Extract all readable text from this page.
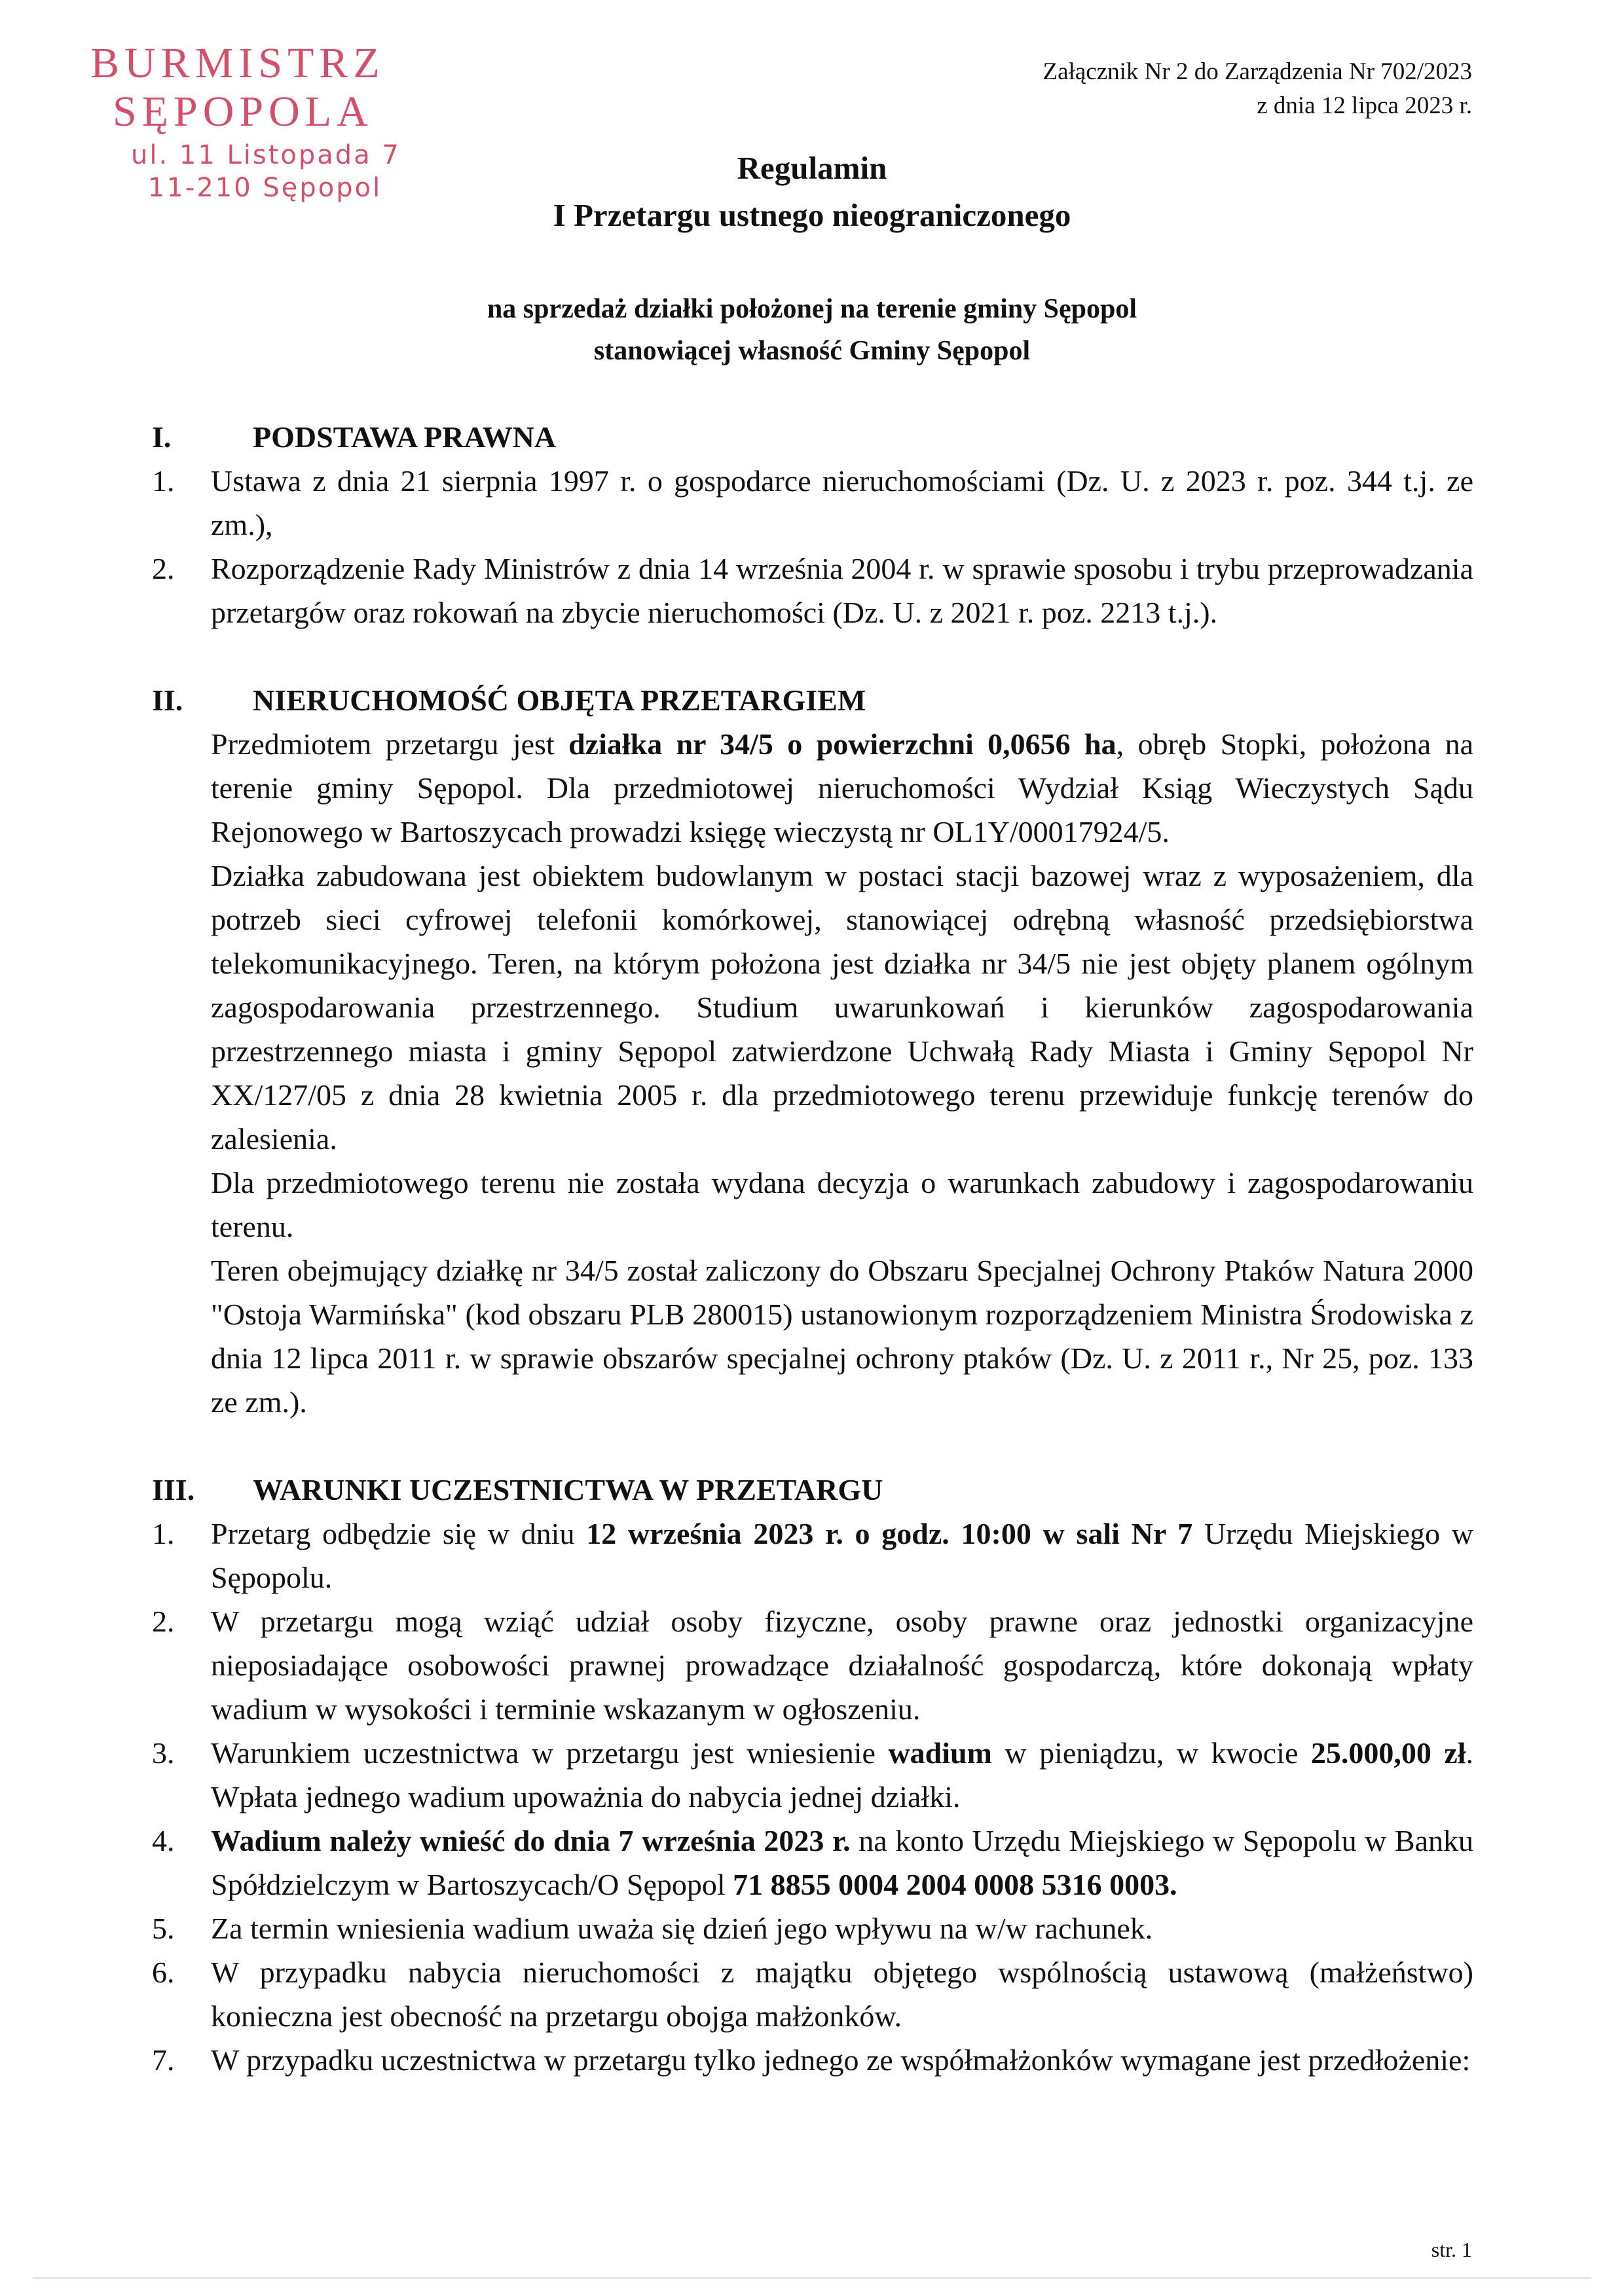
BURMISTRZ
SĘPOPOLA
ul. 11 Listopada 7
11-210 Sępopol
Załącznik Nr 2 do Zarządzenia Nr 702/2023
z dnia 12 lipca 2023 r.
Regulamin
I Przetargu ustnego nieograniczonego
na sprzedaż działki położonej na terenie gminy Sępopol
stanowiącej własność Gminy Sępopol
I.	PODSTAWA PRAWNA
1.	Ustawa z dnia 21 sierpnia 1997 r. o gospodarce nieruchomościami (Dz. U. z 2023 r. poz. 344 t.j. ze zm.),
2.	Rozporządzenie Rady Ministrów z dnia 14 września 2004 r. w sprawie sposobu i trybu przeprowadzania przetargów oraz rokowań na zbycie nieruchomości (Dz. U. z 2021 r. poz. 2213 t.j.).
II.	NIERUCHOMOŚĆ OBJĘTA PRZETARGIEM
Przedmiotem przetargu jest działka nr 34/5 o powierzchni 0,0656 ha, obręb Stopki, położona na terenie gminy Sępopol. Dla przedmiotowej nieruchomości Wydział Ksiąg Wieczystych Sądu Rejonowego w Bartoszycach prowadzi księgę wieczystą nr OL1Y/00017924/5.
Działka zabudowana jest obiektem budowlanym w postaci stacji bazowej wraz z wyposażeniem, dla potrzeb sieci cyfrowej telefonii komórkowej, stanowiącej odrębną własność przedsiębiorstwa telekomunikacyjnego. Teren, na którym położona jest działka nr 34/5 nie jest objęty planem ogólnym zagospodarowania przestrzennego. Studium uwarunkowań i kierunków zagospodarowania przestrzennego miasta i gminy Sępopol zatwierdzone Uchwałą Rady Miasta i Gminy Sępopol Nr XX/127/05 z dnia 28 kwietnia 2005 r. dla przedmiotowego terenu przewiduje funkcję terenów do zalesienia.
Dla przedmiotowego terenu nie została wydana decyzja o warunkach zabudowy i zagospodarowaniu terenu.
Teren obejmujący działkę nr 34/5 został zaliczony do Obszaru Specjalnej Ochrony Ptaków Natura 2000 "Ostoja Warmińska" (kod obszaru PLB 280015) ustanowionym rozporządzeniem Ministra Środowiska z dnia 12 lipca 2011 r. w sprawie obszarów specjalnej ochrony ptaków (Dz. U. z 2011 r., Nr 25, poz. 133 ze zm.).
III.	WARUNKI UCZESTNICTWA W PRZETARGU
1.	Przetarg odbędzie się w dniu 12 września 2023 r. o godz. 10:00 w sali Nr 7 Urzędu Miejskiego w Sępopolu.
2.	W przetargu mogą wziąć udział osoby fizyczne, osoby prawne oraz jednostki organizacyjne nieposiadające osobowości prawnej prowadzące działalność gospodarczą, które dokonają wpłaty wadium w wysokości i terminie wskazanym w ogłoszeniu.
3.	Warunkiem uczestnictwa w przetargu jest wniesienie wadium w pieniądzu, w kwocie 25.000,00 zł. Wpłata jednego wadium upoważnia do nabycia jednej działki.
4.	Wadium należy wnieść do dnia 7 września 2023 r. na konto Urzędu Miejskiego w Sępopolu w Banku Spółdzielczym w Bartoszycach/O Sępopol 71 8855 0004 2004 0008 5316 0003.
5.	Za termin wniesienia wadium uważa się dzień jego wpływu na w/w rachunek.
6.	W przypadku nabycia nieruchomości z majątku objętego wspólnością ustawową (małżeństwo) konieczna jest obecność na przetargu obojga małżonków.
7.	W przypadku uczestnictwa w przetargu tylko jednego ze współmałżonków wymagane jest przedłożenie:
str. 1
